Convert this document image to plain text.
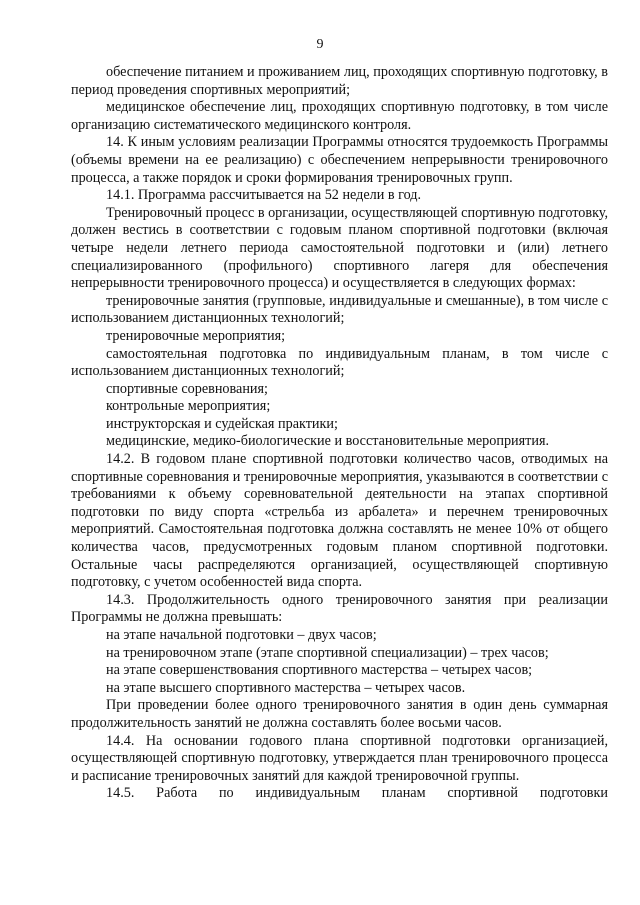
9

обеспечение питанием и проживанием лиц, проходящих спортивную подготовку, в период проведения спортивных мероприятий;

медицинское обеспечение лиц, проходящих спортивную подготовку, в том числе организацию систематического медицинского контроля.

14. К иным условиям реализации Программы относятся трудоемкость Программы (объемы времени на ее реализацию) с обеспечением непрерывности тренировочного процесса, а также порядок и сроки формирования тренировочных групп.

14.1. Программа рассчитывается на 52 недели в год.

Тренировочный процесс в организации, осуществляющей спортивную подготовку, должен вестись в соответствии с годовым планом спортивной подготовки (включая четыре недели летнего периода самостоятельной подготовки и (или) летнего специализированного (профильного) спортивного лагеря для обеспечения непрерывности тренировочного процесса) и осуществляется в следующих формах:

тренировочные занятия (групповые, индивидуальные и смешанные), в том числе с использованием дистанционных технологий;

тренировочные мероприятия;

самостоятельная подготовка по индивидуальным планам, в том числе с использованием дистанционных технологий;

спортивные соревнования;

контрольные мероприятия;

инструкторская и судейская практики;

медицинские, медико-биологические и восстановительные мероприятия.

14.2. В годовом плане спортивной подготовки количество часов, отводимых на спортивные соревнования и тренировочные мероприятия, указываются в соответствии с требованиями к объему соревновательной деятельности на этапах спортивной подготовки по виду спорта «стрельба из арбалета» и перечнем тренировочных мероприятий. Самостоятельная подготовка должна составлять не менее 10% от общего количества часов, предусмотренных годовым планом спортивной подготовки. Остальные часы распределяются организацией, осуществляющей спортивную подготовку, с учетом особенностей вида спорта.

14.3. Продолжительность одного тренировочного занятия при реализации Программы не должна превышать:

на этапе начальной подготовки – двух часов;

на тренировочном этапе (этапе спортивной специализации) – трех часов;

на этапе совершенствования спортивного мастерства – четырех часов;

на этапе высшего спортивного мастерства – четырех часов.

При проведении более одного тренировочного занятия в один день суммарная продолжительность занятий не должна составлять более восьми часов.

14.4. На основании годового плана спортивной подготовки организацией, осуществляющей спортивную подготовку, утверждается план тренировочного процесса и расписание тренировочных занятий для каждой тренировочной группы.

14.5. Работа по индивидуальным планам спортивной подготовки
